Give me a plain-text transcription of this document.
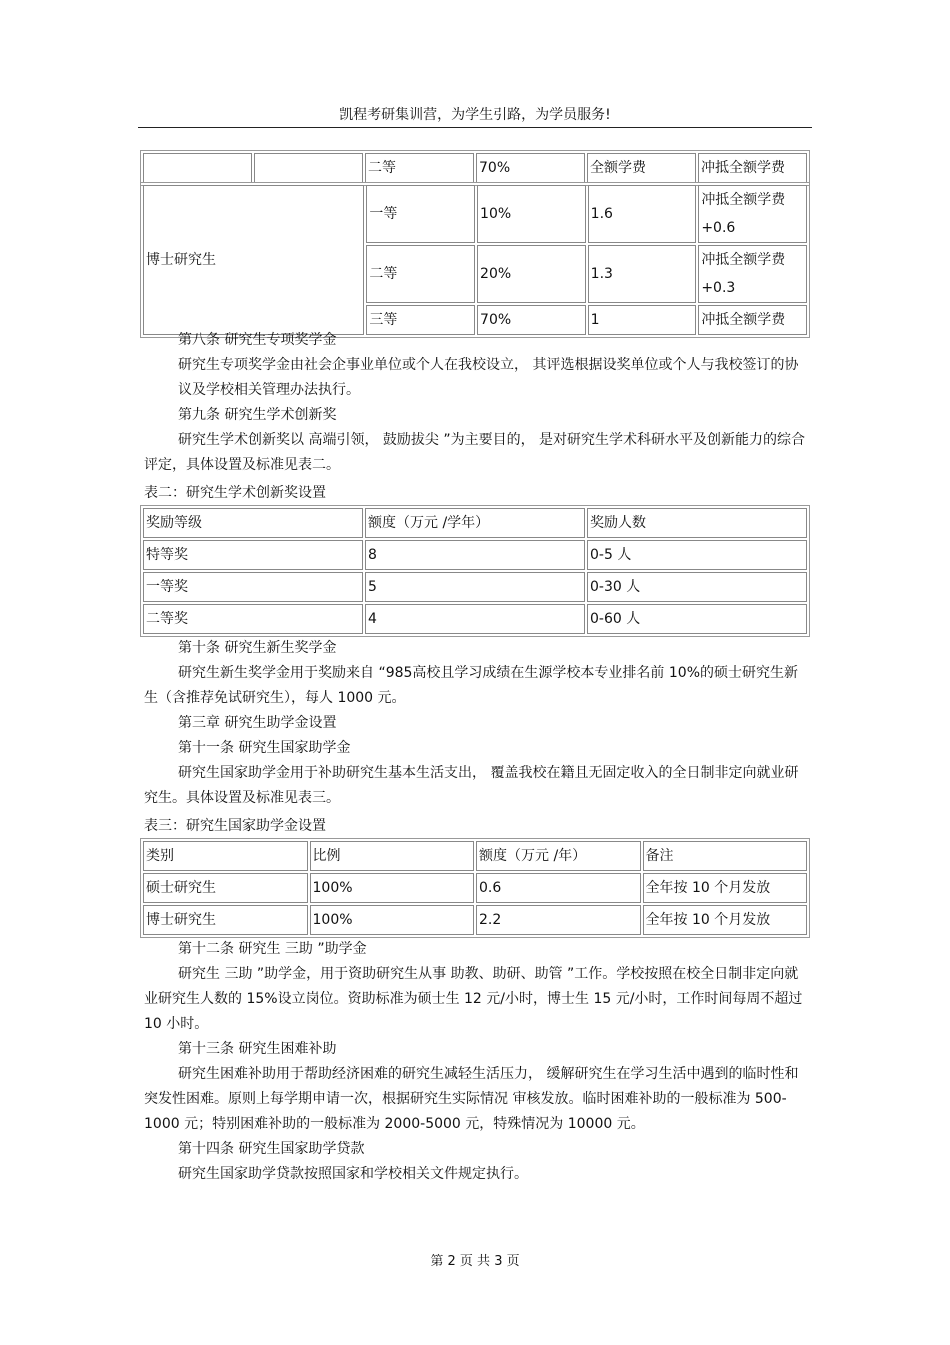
凯程考研集训营，为学生引路，为学员服务!
		二等	70%	全额学费	冲抵全额学费
博士研究生	一等	10%	1.6	冲抵全额学费+0.6
	二等	20%	1.3	冲抵全额学费+0.3
	三等	70%	1	冲抵全额学费
第八条 研究生专项奖学金
研究生专项奖学金由社会企事业单位或个人在我校设立， 其评选根据设奖单位或个人与我校签订的协议及学校相关管理办法执行。
第九条 研究生学术创新奖
研究生学术创新奖以 高端引领， 鼓励拔尖 ”为主要目的， 是对研究生学术科研水平及创新能力的综合评定，具体设置及标准见表二。
表二：研究生学术创新奖设置
奖励等级	额度（万元 /学年）	奖励人数
特等奖	8	0-5 人
一等奖	5	0-30 人
二等奖	4	0-60 人
第十条 研究生新生奖学金
研究生新生奖学金用于奖励来自 “985高校且学习成绩在生源学校本专业排名前 10%的硕士研究生新生（含推荐免试研究生），每人 1000 元。
第三章 研究生助学金设置
第十一条 研究生国家助学金
研究生国家助学金用于补助研究生基本生活支出， 覆盖我校在籍且无固定收入的全日制非定向就业研究生。具体设置及标准见表三。
表三：研究生国家助学金设置
类别	比例	额度（万元 /年）	备注
硕士研究生	100%	0.6	全年按 10 个月发放
博士研究生	100%	2.2	全年按 10 个月发放
第十二条 研究生 三助 ”助学金
研究生 三助 ”助学金，用于资助研究生从事 助教、助研、助管 ”工作。学校按照在校全日制非定向就业研究生人数的 15%设立岗位。资助标准为硕士生 12 元/小时，博士生 15 元/小时，工作时间每周不超过 10 小时。
第十三条 研究生困难补助
研究生困难补助用于帮助经济困难的研究生减轻生活压力， 缓解研究生在学习生活中遇到的临时性和突发性困难。原则上每学期申请一次，根据研究生实际情况 审核发放。临时困难补助的一般标准为 500-1000 元；特别困难补助的一般标准为 2000-5000 元，特殊情况为 10000 元。
第十四条 研究生国家助学贷款
研究生国家助学贷款按照国家和学校相关文件规定执行。
第 2 页 共 3 页
